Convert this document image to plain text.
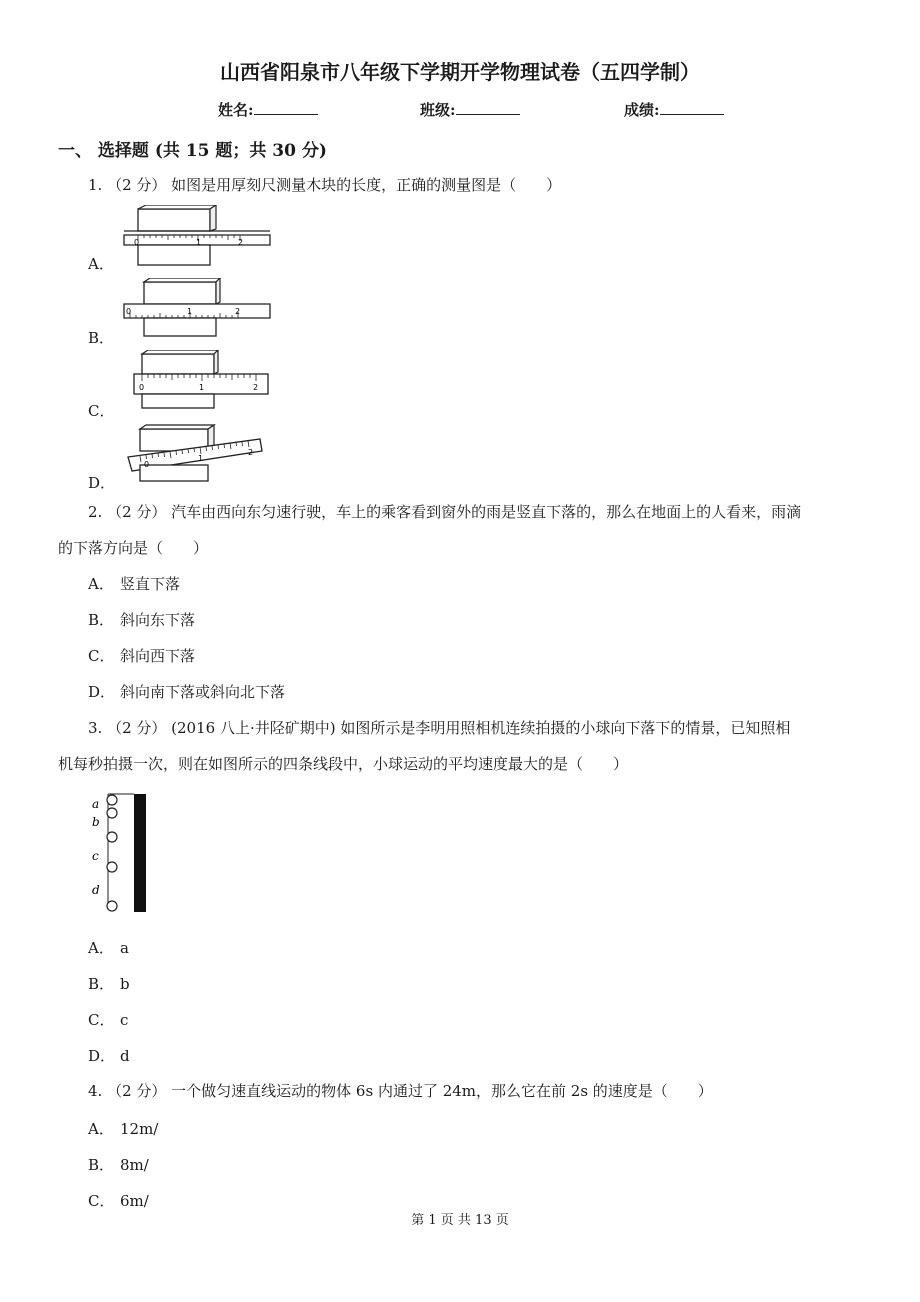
山西省阳泉市八年级下学期开学物理试卷（五四学制）
姓名:	班级:	成绩:
一、 选择题 (共 15 题；共 30 分)
1. （2 分） 如图是用厚刻尺测量木块的长度，正确的测量图是（　　）
0	1	2
A．
0	1	2
B．
0	1	2
C．
0
1
2
D．
2. （2 分） 汽车由西向东匀速行驶，车上的乘客看到窗外的雨是竖直下落的，那么在地面上的人看来，雨滴
的下落方向是（　　）
A． 竖直下落
B． 斜向东下落
C． 斜向西下落
D． 斜向南下落或斜向北下落
3. （2 分） (2016 八上·井陉矿期中) 如图所示是李明用照相机连续拍摄的小球向下落下的情景，已知照相
机每秒拍摄一次，则在如图所示的四条线段中，小球运动的平均速度最大的是（　　）
a
b
c
d
A． a
B． b
C． c
D． d
4. （2 分） 一个做匀速直线运动的物体 6s 内通过了 24m，那么它在前 2s 的速度是（　　）
A． 12m/
B． 8m/
C． 6m/
第 1 页 共 13 页
